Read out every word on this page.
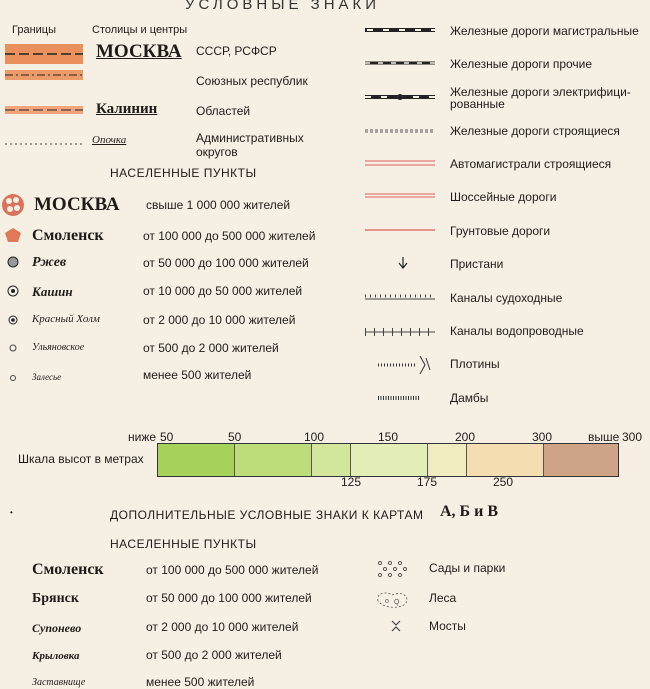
УСЛОВНЫЕ ЗНАКИ
Границы	Столицы и центры
МОСКВА СССР, РСФСР
Союзных республик
Калинин	Областей
Опочка	Административных округов
НАСЕЛЕННЫЕ ПУНКТЫ
МОСКВА свыше 1 000 000 жителей
Смоленск	от 100 000 до 500 000 жителей
Ржев	от 50 000 до 100 000 жителей
Кашин	от 10 000 до 50 000 жителей
Красный Холм	от 2 000 до 10 000 жителей
Ульяновское	от 500 до 2 000 жителей
Залесье	менее 500 жителей
Железные дороги магистральные
Железные дороги прочие
Железные дороги электрифици-рованные
Железные дороги строящиеся
Автомагистрали строящиеся
Шоссейные дороги
Грунтовые дороги
Пристани
Каналы судоходные
Каналы водопроводные
Плотины
Дамбы
ниже 50	50	100	150	200	300	выше 300
Шкала высот в метрах
125	175	250
•	ДОПОЛНИТЕЛЬНЫЕ УСЛОВНЫЕ ЗНАКИ К КАРТАМ А, Б и В
НАСЕЛЕННЫЕ ПУНКТЫ
Смоленск	от 100 000 до 500 000 жителей
Брянск	от 50 000 до 100 000 жителей
Супонево	от 2 000 до 10 000 жителей
Крыловка	от 500 до 2 000 жителей
Заставнище	менее 500 жителей
o Q
Сады и парки
Леса
Мосты
